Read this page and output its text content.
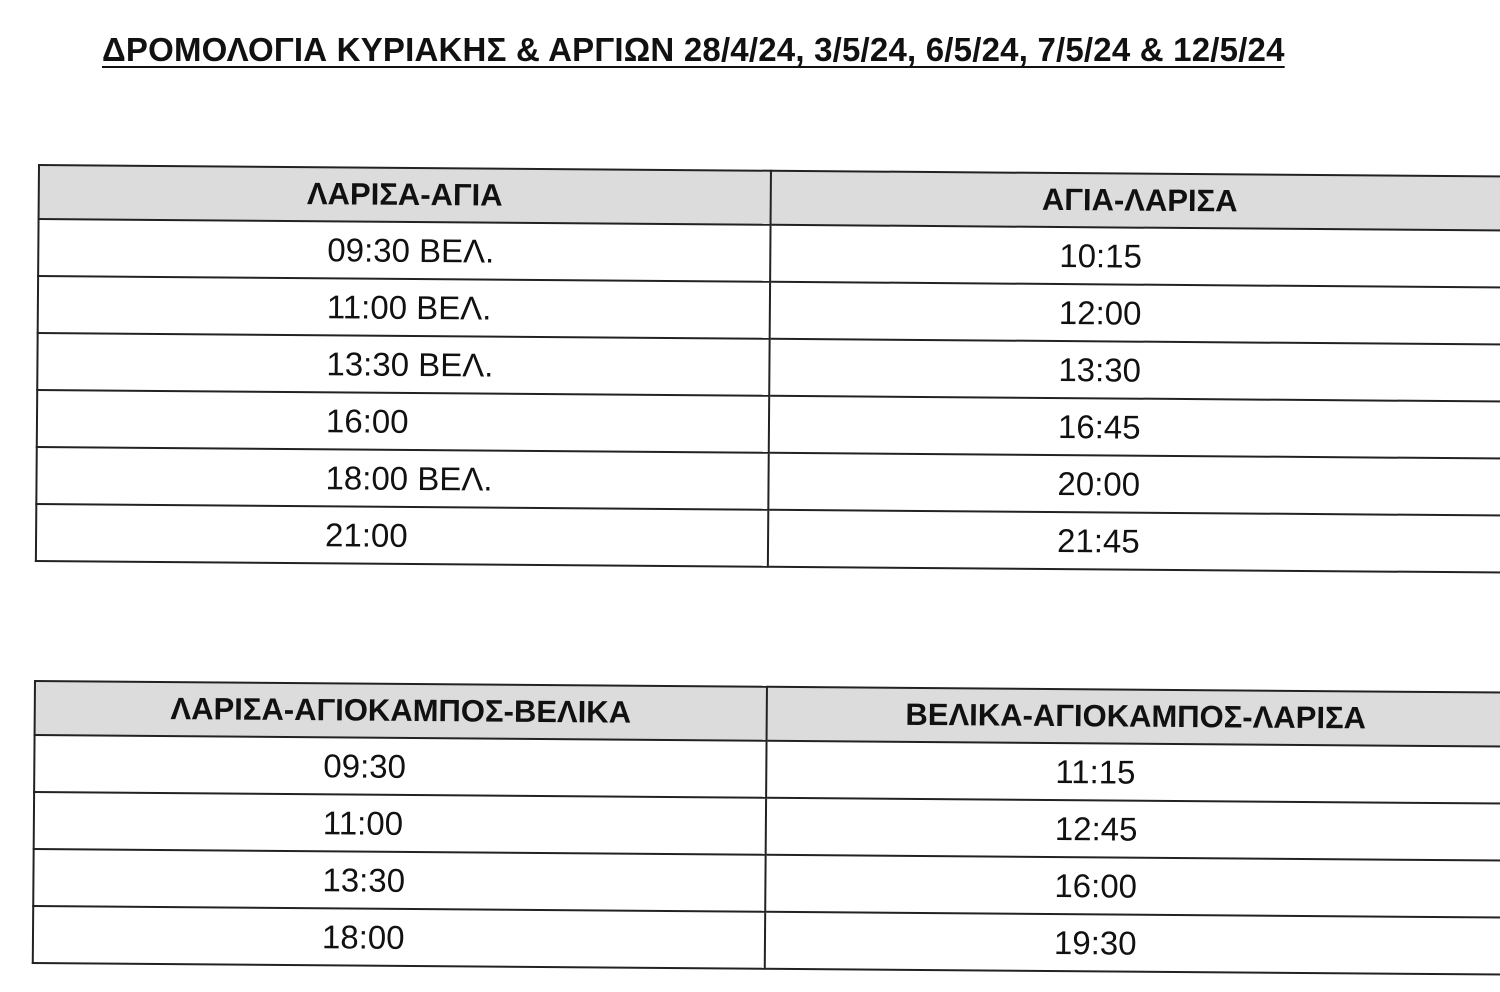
ΔΡΟΜΟΛΟΓΙΑ ΚΥΡΙΑΚΗΣ & ΑΡΓΙΩΝ 28/4/24, 3/5/24, 6/5/24, 7/5/24 & 12/5/24
ΛΑΡΙΣΑ-ΑΓΙΑ	ΑΓΙΑ-ΛΑΡΙΣΑ
09:30 ΒΕΛ.	10:15
11:00 ΒΕΛ.	12:00
13:30 ΒΕΛ.	13:30
16:00	16:45
18:00 ΒΕΛ.	20:00
21:00	21:45
ΛΑΡΙΣΑ-ΑΓΙΟΚΑΜΠΟΣ-ΒΕΛΙΚΑ	ΒΕΛΙΚΑ-ΑΓΙΟΚΑΜΠΟΣ-ΛΑΡΙΣΑ
09:30	11:15
11:00	12:45
13:30	16:00
18:00	19:30
